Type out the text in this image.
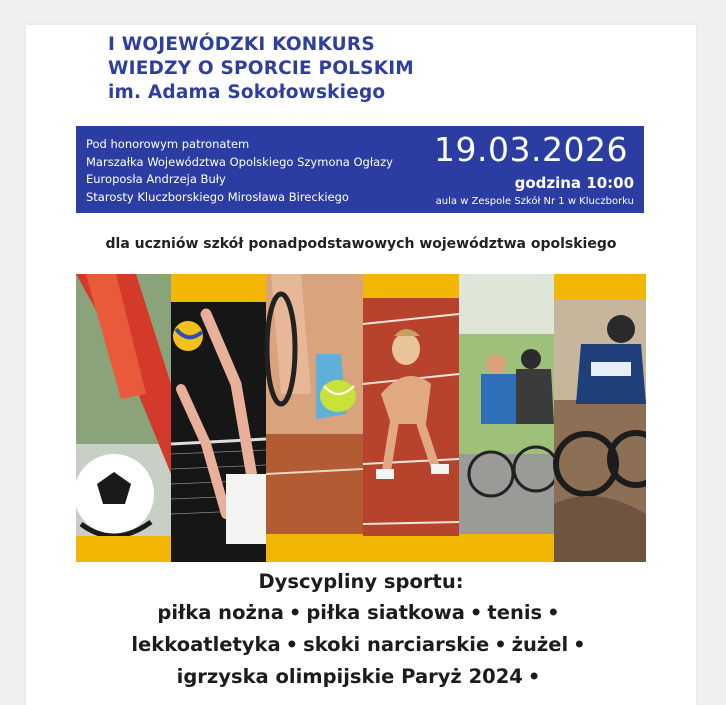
I WOJEWÓDZKI KONKURS
WIEDZY O SPORCIE POLSKIM
im. Adama Sokołowskiego
Pod honorowym patronatem
Marszałka Województwa Opolskiego Szymona Ogłazy
Europosła Andrzeja Buły
Starosty Kluczborskiego Mirosława Bireckiego
19.03.2026
godzina 10:00
aula w Zespole Szkół Nr 1 w Kluczborku
dla uczniów szkół ponadpodstawowych województwa opolskiego
Dyscypliny sportu:
piłka nożna • piłka siatkowa • tenis •
lekkoatletyka • skoki narciarskie • żużel •
igrzyska olimpijskie Paryż 2024 •
